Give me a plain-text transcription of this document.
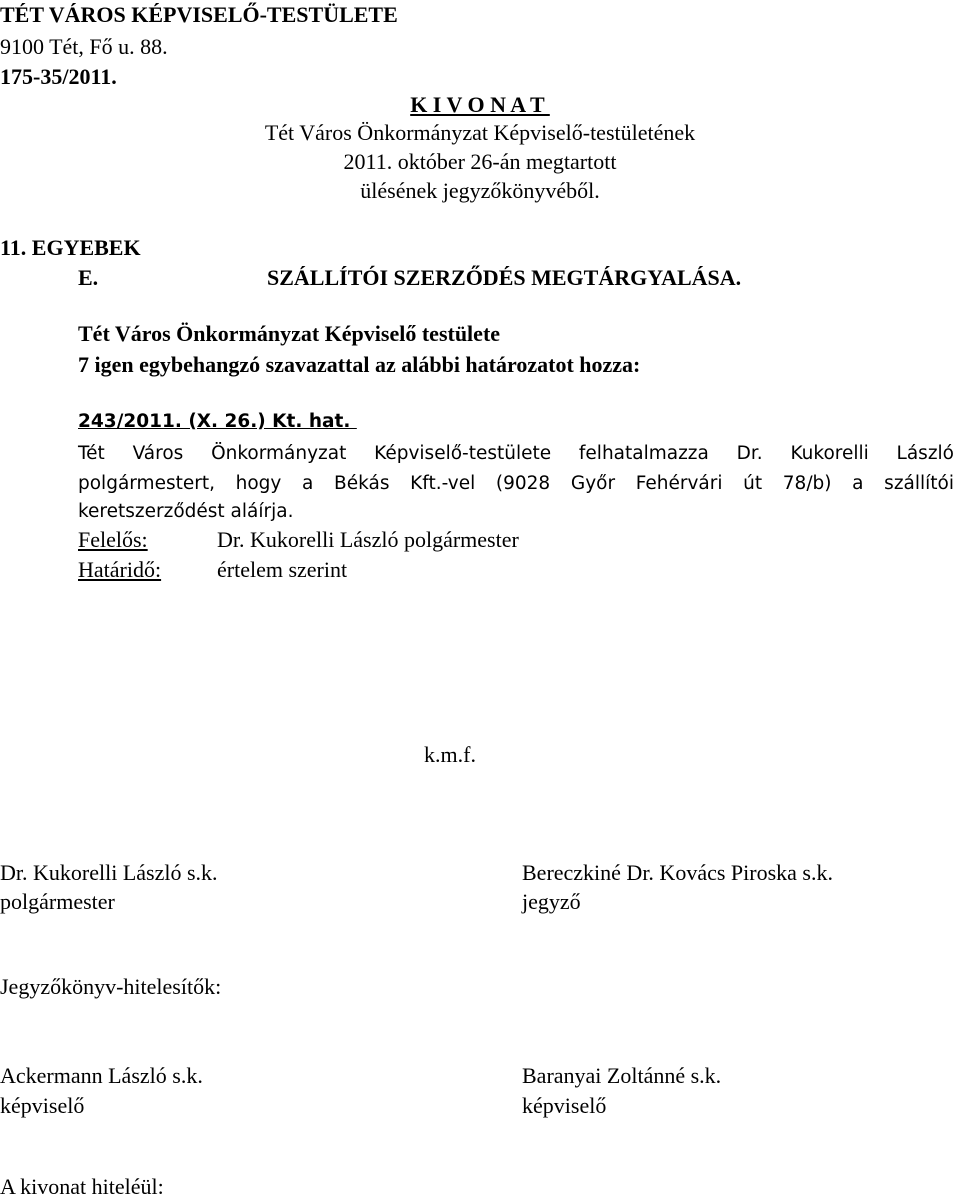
TÉT VÁROS KÉPVISELŐ-TESTÜLETE
9100 Tét, Fő u. 88.
175-35/2011.
K I V O N A T
Tét Város Önkormányzat Képviselő-testületének
2011. október 26-án megtartott
ülésének jegyzőkönyvéből.
11. EGYEBEK
E.	SZÁLLÍTÓI SZERZŐDÉS MEGTÁRGYALÁSA.
Tét Város Önkormányzat Képviselő testülete
7 igen egybehangzó szavazattal az alábbi határozatot hozza:
243/2011. (X. 26.) Kt. hat.
Tét Város Önkormányzat Képviselő-testülete felhatalmazza Dr. Kukorelli László
polgármestert, hogy a Békás Kft.-vel (9028 Győr Fehérvári út 78/b) a szállítói
keretszerződést aláírja.
Felelős:	Dr. Kukorelli László polgármester
Határidő:	értelem szerint
k.m.f.
Dr. Kukorelli László s.k.
polgármester
Bereczkiné Dr. Kovács Piroska s.k.
jegyző
Jegyzőkönyv-hitelesítők:
Ackermann László s.k.
képviselő
Baranyai Zoltánné s.k.
képviselő
A kivonat hiteléül:
